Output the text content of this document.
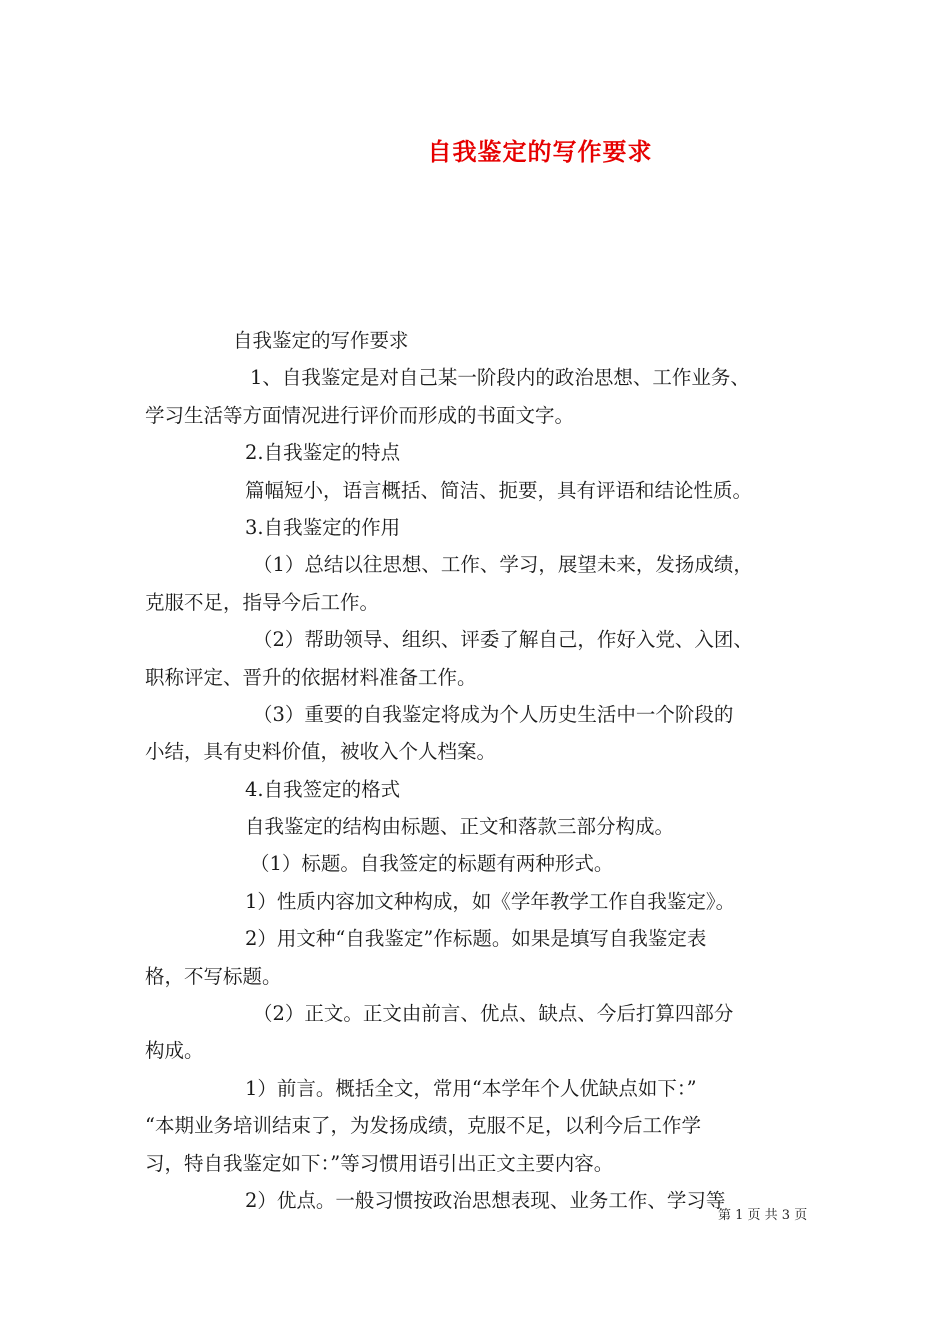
自我鉴定的写作要求
自我鉴定的写作要求
1、自我鉴定是对自己某一阶段内的政治思想、工作业务、
学习生活等方面情况进行评价而形成的书面文字。
2.自我鉴定的特点
篇幅短小，语言概括、简洁、扼要，具有评语和结论性质。
3.自我鉴定的作用
（1）总结以往思想、工作、学习，展望未来，发扬成绩，
克服不足，指导今后工作。
（2）帮助领导、组织、评委了解自己，作好入党、入团、
职称评定、晋升的依据材料准备工作。
（3）重要的自我鉴定将成为个人历史生活中一个阶段的
小结，具有史料价值，被收入个人档案。
4.自我签定的格式
自我鉴定的结构由标题、正文和落款三部分构成。
（1）标题。自我签定的标题有两种形式。
1）性质内容加文种构成，如《学年教学工作自我鉴定》。
2）用文种“自我鉴定”作标题。如果是填写自我鉴定表
格，不写标题。
（2）正文。正文由前言、优点、缺点、今后打算四部分
构成。
1）前言。概括全文，常用“本学年个人优缺点如下：”
“本期业务培训结束了，为发扬成绩，克服不足，以利今后工作学
习，特自我鉴定如下：”等习惯用语引出正文主要内容。
2）优点。一般习惯按政治思想表现、业务工作、学习等
第 1 页 共 3 页
